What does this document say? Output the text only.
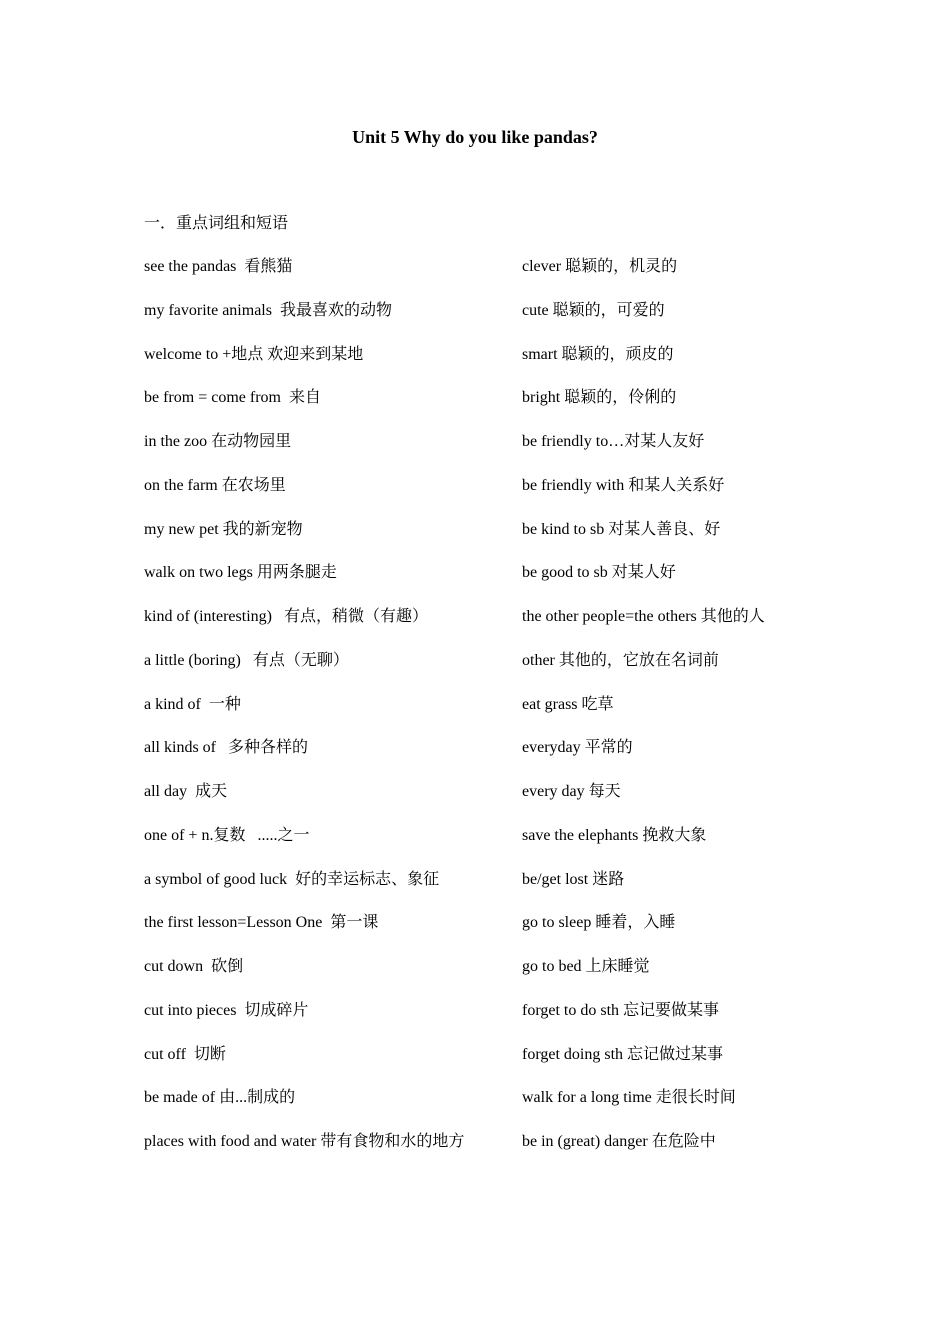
Unit 5 Why do you like pandas?

一．重点词组和短语

see the pandas  看熊猫	clever 聪颖的，机灵的
my favorite animals  我最喜欢的动物	cute 聪颖的，可爱的
welcome to +地点 欢迎来到某地	smart 聪颖的，顽皮的
be from = come from  来自	bright 聪颖的，伶俐的
in the zoo 在动物园里	be friendly to…对某人友好
on the farm 在农场里	be friendly with 和某人关系好
my new pet 我的新宠物	be kind to sb 对某人善良、好
walk on two legs 用两条腿走	be good to sb 对某人好
kind of (interesting)   有点，稍微（有趣）	the other people=the others 其他的人
a little (boring)   有点（无聊）	other 其他的，它放在名词前
a kind of  一种	eat grass 吃草
all kinds of   多种各样的	everyday 平常的
all day  成天	every day 每天
one of + n.复数   .....之一	save the elephants 挽救大象
a symbol of good luck  好的幸运标志、象征	be/get lost 迷路
the first lesson=Lesson One  第一课	go to sleep 睡着，入睡
cut down  砍倒	go to bed 上床睡觉
cut into pieces  切成碎片	forget to do sth 忘记要做某事
cut off  切断	forget doing sth 忘记做过某事
be made of 由...制成的	walk for a long time 走很长时间
places with food and water 带有食物和水的地方	be in (great) danger 在危险中
